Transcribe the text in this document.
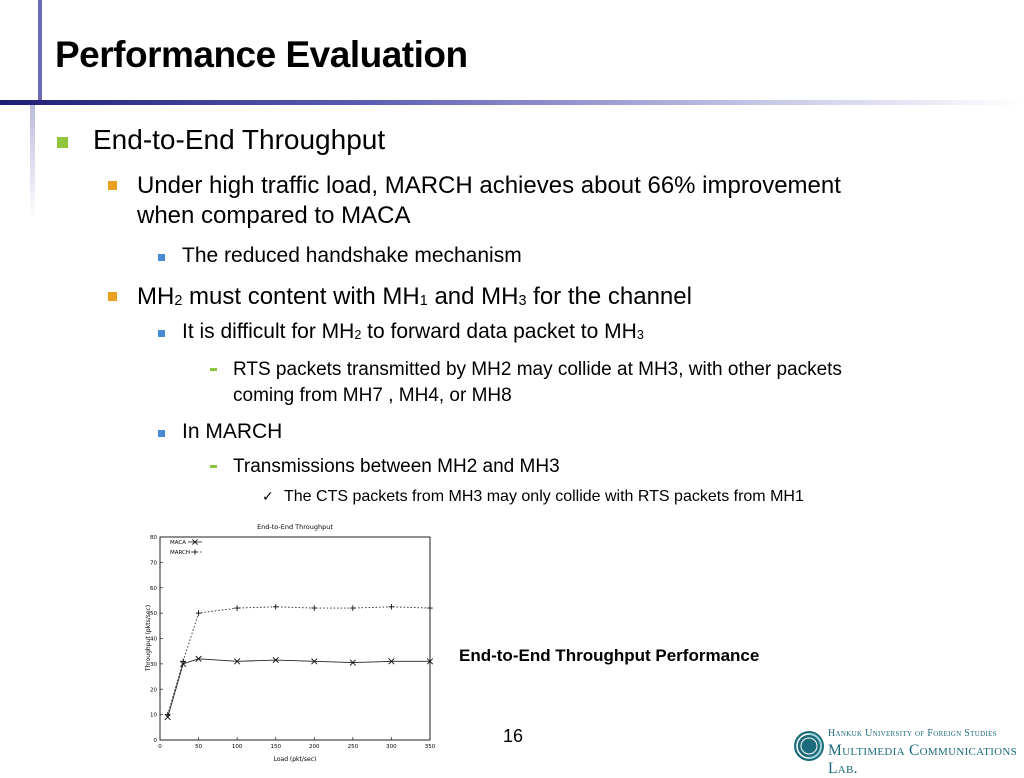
Performance Evaluation
End-to-End Throughput
Under high traffic load, MARCH achieves about 66% improvement
when compared to MACA
The reduced handshake mechanism
$MH_2$ must content with $MH_1$ and $MH_3$ for the channel
It is difficult for $MH_2$ to forward data packet to $MH_3$
RTS packets transmitted by MH2 may collide at MH3, with other packets
coming from MH7 , MH4, or MH8
In MARCH
Transmissions between MH2 and MH3
✓ The CTS packets from MH3 may only collide with RTS packets from MH1
End-to-End Throughput
Load (pkt/sec)
Throughput (pkts/sec)
0	50	100	150	200	250	300	350
0
10
20
30
40
50
60
70
80
MACA
MARCH
End-to-End Throughput Performance
16	Hankuk University of Foreign Studies
Multimedia Communications Lab.
